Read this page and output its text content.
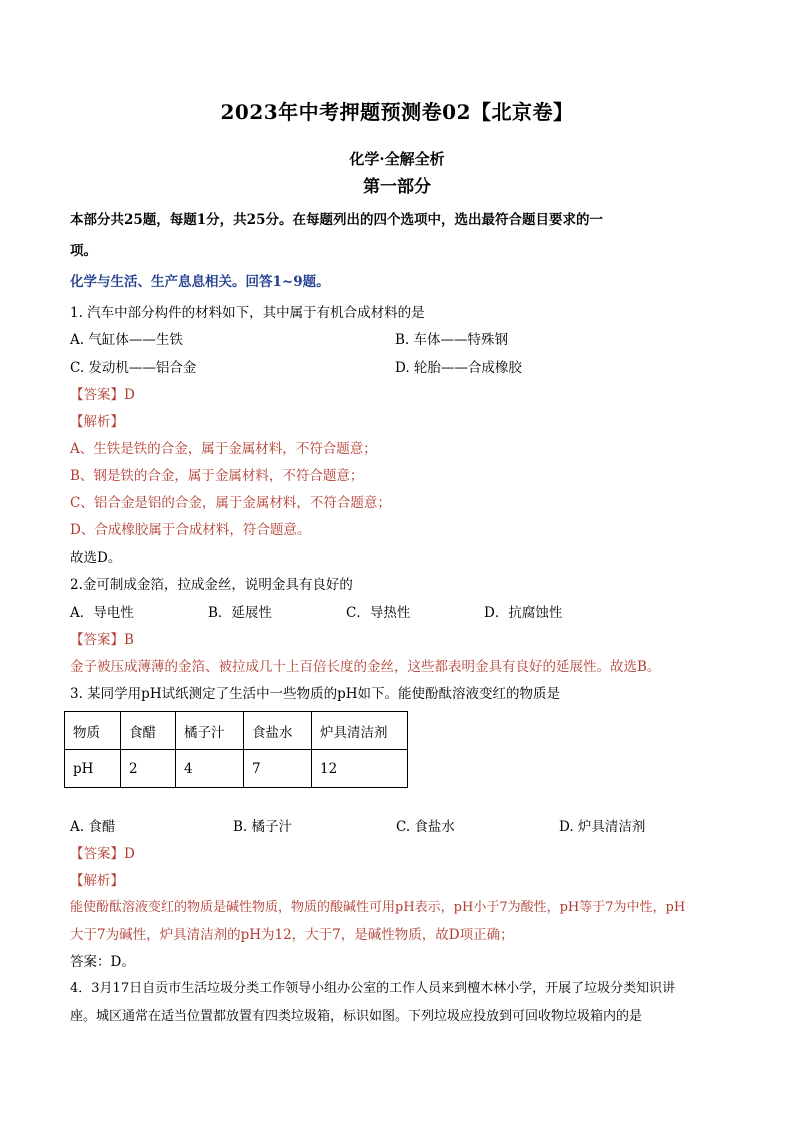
2023年中考押题预测卷02【北京卷】
化学·全解全析
第一部分
本部分共25题，每题1分，共25分。在每题列出的四个选项中，选出最符合题目要求的一
项。
化学与生活、生产息息相关。回答1~9题。
1. 汽车中部分构件的材料如下，其中属于有机合成材料的是
A. 气缸体——生铁	B. 车体——特殊钢
C. 发动机——铝合金	D. 轮胎——合成橡胶
【答案】D
【解析】
A、生铁是铁的合金，属于金属材料，不符合题意；
B、钢是铁的合金，属于金属材料，不符合题意；
C、铝合金是铝的合金，属于金属材料，不符合题意；
D、合成橡胶属于合成材料，符合题意。
故选D。
2.金可制成金箔，拉成金丝，说明金具有良好的
A．导电性	B．延展性	C．导热性	D．抗腐蚀性
【答案】B
金子被压成薄薄的金箔、被拉成几十上百倍长度的金丝，这些都表明金具有良好的延展性。故选B。
3. 某同学用pH试纸测定了生活中一些物质的pH如下。能使酚酞溶液变红的物质是
物质	食醋	橘子汁	食盐水	炉具清洁剂
pH	2	4	7	12
A. 食醋	B. 橘子汁	C. 食盐水	D. 炉具清洁剂
【答案】D
【解析】
能使酚酞溶液变红的物质是碱性物质，物质的酸碱性可用pH表示，pH小于7为酸性，pH等于7为中性，pH
大于7为碱性，炉具清洁剂的pH为12，大于7，是碱性物质，故D项正确；
答案：D。
4．3月17日自贡市生活垃圾分类工作领导小组办公室的工作人员来到檀木林小学，开展了垃圾分类知识讲
座。城区通常在适当位置都放置有四类垃圾箱，标识如图。下列垃圾应投放到可回收物垃圾箱内的是
